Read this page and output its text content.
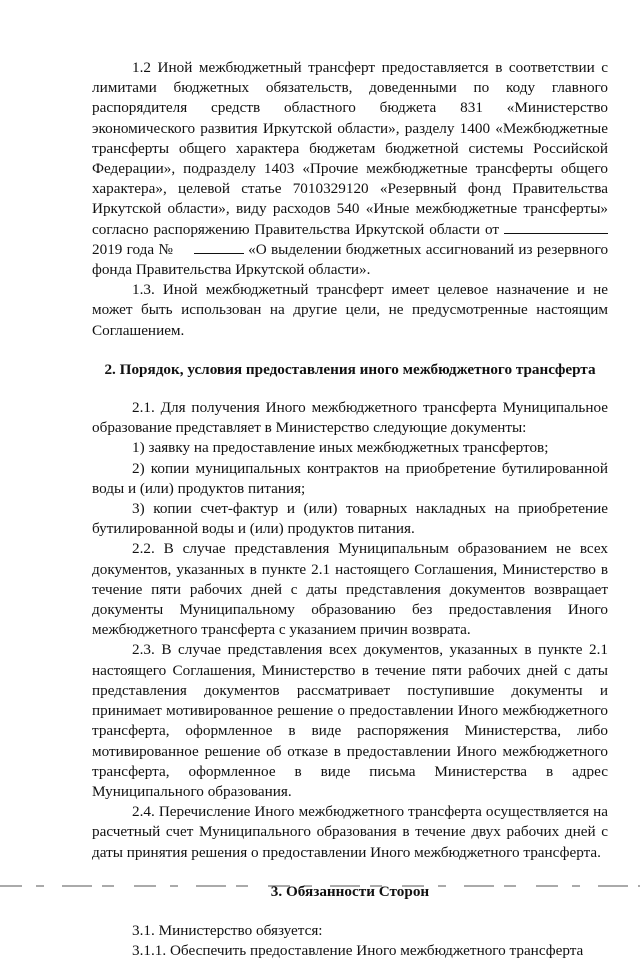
1.2 Иной межбюджетный трансферт предоставляется в соответствии с лимитами бюджетных обязательств, доведенными по коду главного распорядителя средств областного бюджета 831 «Министерство экономического развития Иркутской области», разделу 1400 «Межбюджетные трансферты общего характера бюджетам бюджетной системы Российской Федерации», подразделу 1403 «Прочие межбюджетные трансферты общего характера», целевой статье 7010329120 «Резервный фонд Правительства Иркутской области», виду расходов 540 «Иные межбюджетные трансферты» согласно распоряжению Правительства Иркутской области от 2019 года №	«О выделении бюджетных ассигнований из резервного фонда Правительства Иркутской области».

1.3. Иной межбюджетный трансферт имеет целевое назначение и не может быть использован на другие цели, не предусмотренные настоящим Соглашением.

2. Порядок, условия предоставления иного межбюджетного трансферта

2.1. Для получения Иного межбюджетного трансферта Муниципальное образование представляет в Министерство следующие документы:

1) заявку на предоставление иных межбюджетных трансфертов;

2) копии муниципальных контрактов на приобретение бутилированной воды и (или) продуктов питания;

3) копии счет-фактур и (или) товарных накладных на приобретение бутилированной воды и (или) продуктов питания.

2.2. В случае представления Муниципальным образованием не всех документов, указанных в пункте 2.1 настоящего Соглашения, Министерство в течение пяти рабочих дней с даты представления документов возвращает документы Муниципальному образованию без предоставления Иного межбюджетного трансферта с указанием причин возврата.

2.3. В случае представления всех документов, указанных в пункте 2.1 настоящего Соглашения, Министерство в течение пяти рабочих дней с даты представления документов рассматривает поступившие документы и принимает мотивированное решение о предоставлении Иного межбюджетного трансферта, оформленное в виде распоряжения Министерства, либо мотивированное решение об отказе в предоставлении Иного межбюджетного трансферта, оформленное в виде письма Министерства в адрес Муниципального образования.

2.4. Перечисление Иного межбюджетного трансферта осуществляется на расчетный счет Муниципального образования в течение двух рабочих дней с даты принятия решения о предоставлении Иного межбюджетного трансферта.

3. Обязанности Сторон

3.1. Министерство обязуется:

3.1.1. Обеспечить предоставление Иного межбюджетного трансферта
